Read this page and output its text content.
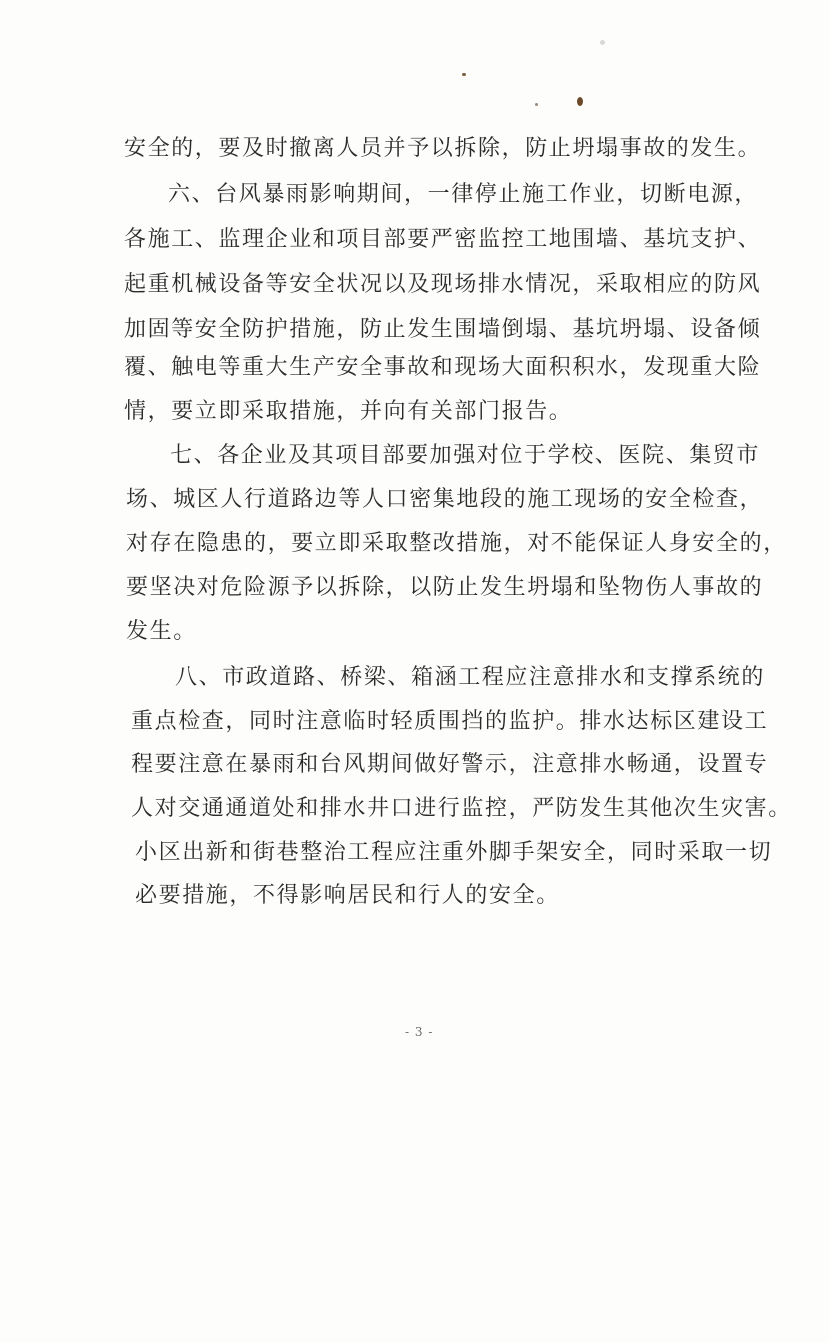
安全的，要及时撤离人员并予以拆除，防止坍塌事故的发生。

六、台风暴雨影响期间，一律停止施工作业，切断电源，

各施工、监理企业和项目部要严密监控工地围墙、基坑支护、

起重机械设备等安全状况以及现场排水情况，采取相应的防风

加固等安全防护措施，防止发生围墙倒塌、基坑坍塌、设备倾

覆、触电等重大生产安全事故和现场大面积积水，发现重大险

情，要立即采取措施，并向有关部门报告。

七、各企业及其项目部要加强对位于学校、医院、集贸市

场、城区人行道路边等人口密集地段的施工现场的安全检查，

对存在隐患的，要立即采取整改措施，对不能保证人身安全的，

要坚决对危险源予以拆除，以防止发生坍塌和坠物伤人事故的

发生。

八、市政道路、桥梁、箱涵工程应注意排水和支撑系统的

重点检查，同时注意临时轻质围挡的监护。排水达标区建设工

程要注意在暴雨和台风期间做好警示，注意排水畅通，设置专

人对交通通道处和排水井口进行监控，严防发生其他次生灾害。

小区出新和街巷整治工程应注重外脚手架安全，同时采取一切

必要措施，不得影响居民和行人的安全。

- 3 -
